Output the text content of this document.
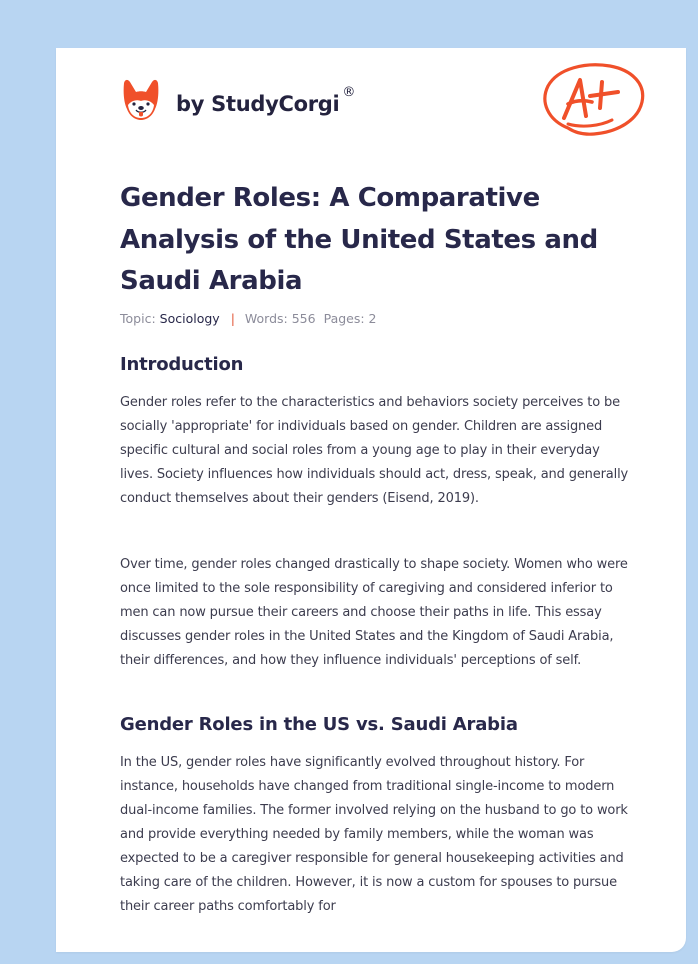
by StudyCorgi ®
Gender Roles: A Comparative Analysis of the United States and Saudi Arabia
Topic: Sociology | Words: 556 Pages: 2
Introduction

Gender roles refer to the characteristics and behaviors society perceives to be socially 'appropriate' for individuals based on gender. Children are assigned specific cultural and social roles from a young age to play in their everyday lives. Society influences how individuals should act, dress, speak, and generally conduct themselves about their genders (Eisend, 2019).

Over time, gender roles changed drastically to shape society. Women who were once limited to the sole responsibility of caregiving and considered inferior to men can now pursue their careers and choose their paths in life. This essay discusses gender roles in the United States and the Kingdom of Saudi Arabia, their differences, and how they influence individuals' perceptions of self.

Gender Roles in the US vs. Saudi Arabia

In the US, gender roles have significantly evolved throughout history. For instance, households have changed from traditional single-income to modern dual-income families. The former involved relying on the husband to go to work and provide everything needed by family members, while the woman was expected to be a caregiver responsible for general housekeeping activities and taking care of the children. However, it is now a custom for spouses to pursue their career paths comfortably for
